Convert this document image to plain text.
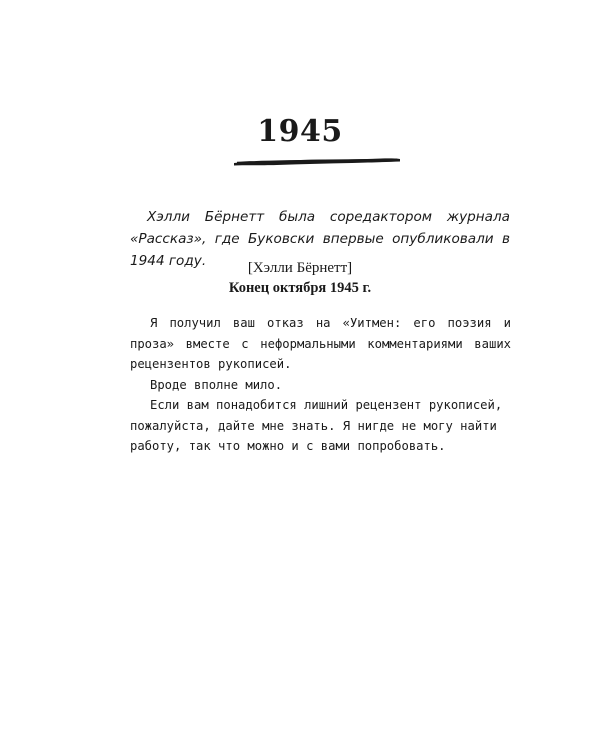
1945

Хэлли Бёрнетт была соредактором журнала «Рассказ», где Буковски впервые опубликовали в 1944 году.	[Хэлли Бёрнетт]

Конец октября 1945 г.

Я получил ваш отказ на «Уитмен: его поэзия и проза» вместе с неформальными комментариями ваших рецензентов рукописей.

Вроде вполне мило.

Если вам понадобится лишний рецензент рукописей, пожалуйста, дайте мне знать. Я нигде не могу найти работу, так что можно и с вами попробовать.
